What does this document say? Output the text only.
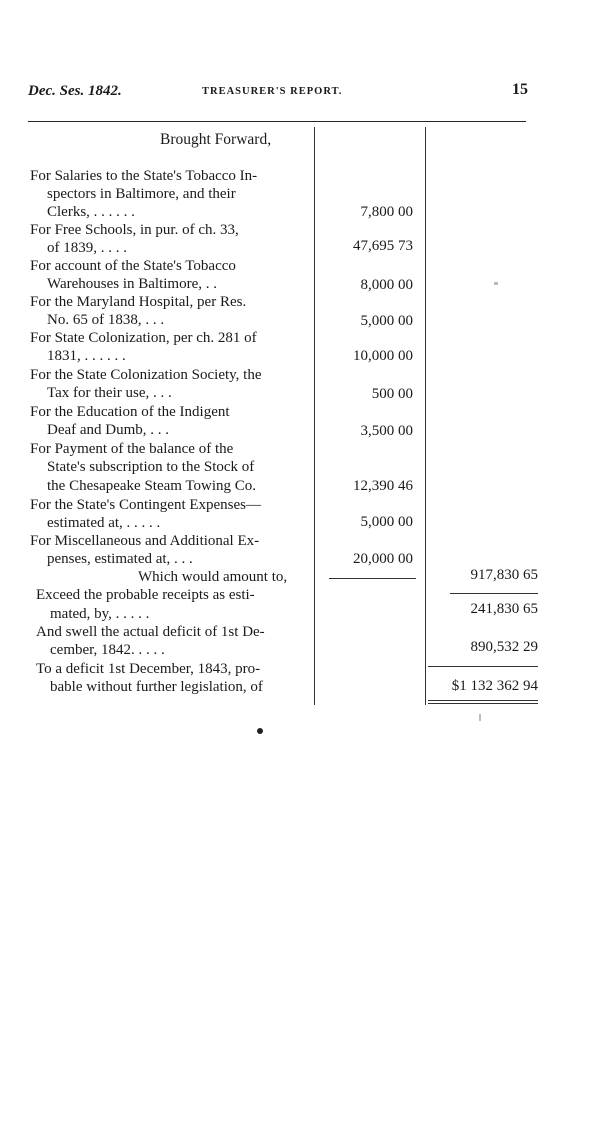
Dec. Ses. 1842.	TREASURER'S REPORT.	15
Brought Forward,
For Salaries to the State's Tobacco In-
spectors in Baltimore, and their
Clerks, . . . . . .	7,800 00
For Free Schools, in pur. of ch. 33,
of 1839, . . . .	47,695 73
For account of the State's Tobacco
Warehouses in Baltimore, . .	8,000 00
For the Maryland Hospital, per Res.
No. 65 of 1838, . . .	5,000 00
For State Colonization, per ch. 281 of
1831, . . . . . .	10,000 00
For the State Colonization Society, the
Tax for their use, . . .	500 00
For the Education of the Indigent
Deaf and Dumb, . . .	3,500 00
For Payment of the balance of the
State's subscription to the Stock of
the Chesapeake Steam Towing Co.	12,390 46
For the State's Contingent Expenses—
estimated at, . . . . .	5,000 00
For Miscellaneous and Additional Ex-
penses, estimated at, . . .	20,000 00
Which would amount to,	917,830 65
Exceed the probable receipts as esti-
mated, by, . . . . .	241,830 65
And swell the actual deficit of 1st De-
cember, 1842. . . . .	890,532 29
To a deficit 1st December, 1843, pro-
bable without further legislation, of	$1 132 362 94
